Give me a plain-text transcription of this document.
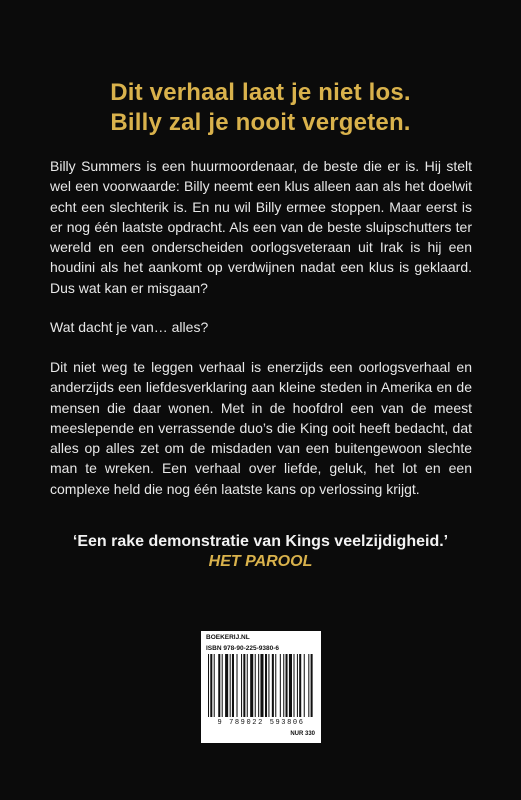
Dit verhaal laat je niet los.
Billy zal je nooit vergeten.

Billy Summers is een huurmoordenaar, de beste die er is. Hij stelt wel een voorwaarde: Billy neemt een klus alleen aan als het doelwit echt een slechterik is. En nu wil Billy ermee stoppen. Maar eerst is er nog één laatste opdracht. Als een van de beste sluipschutters ter wereld en een onderscheiden oorlogsveteraan uit Irak is hij een houdini als het aankomt op verdwijnen nadat een klus is geklaard. Dus wat kan er misgaan?

Wat dacht je van… alles?

Dit niet weg te leggen verhaal is enerzijds een oorlogsverhaal en anderzijds een liefdesverklaring aan kleine steden in Amerika en de mensen die daar wonen. Met in de hoofdrol een van de meest meeslepende en verrassende duo’s die King ooit heeft bedacht, dat alles op alles zet om de misdaden van een buitengewoon slechte man te wreken. Een verhaal over liefde, geluk, het lot en een complexe held die nog één laatste kans op verlossing krijgt.

‘Een rake demonstratie van Kings veelzijdigheid.’
HET PAROOL
BOEKERIJ.NL
ISBN 978-90-225-9380-6
9 789022 593806
NUR 330
